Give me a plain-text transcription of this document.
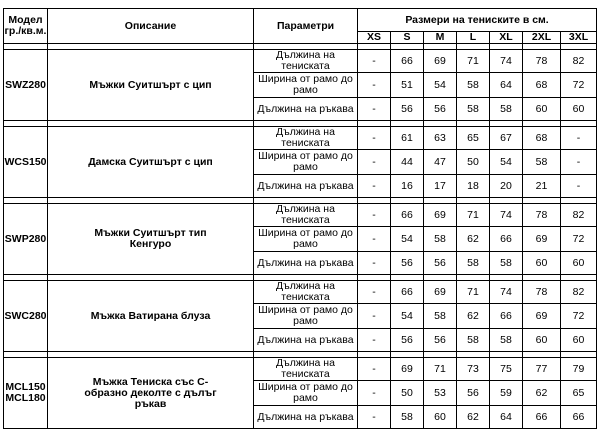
Модел гр./кв.м.	Описание	Параметри	Размери на тениските в см.						
			XS	S	M	L	XL	2XL	3XL

SWZ280	Мъжки Суитшърт с цип	Дължина на тениската	-	66	69	71	74	78	82
		Ширина от рамо до рамо	-	51	54	58	64	68	72
		Дължина на ръкава	-	56	56	58	58	60	60

WCS150	Дамска Суитшърт с цип	Дължина на тениската	-	61	63	65	67	68	-
		Ширина от рамо до рамо	-	44	47	50	54	58	-
		Дължина на ръкава	-	16	17	18	20	21	-

SWP280	Мъжки Суитшърт тип Кенгуро	Дължина на тениската	-	66	69	71	74	78	82
		Ширина от рамо до рамо	-	54	58	62	66	69	72
		Дължина на ръкава	-	56	56	58	58	60	60

SWC280	Мъжка Ватирана блуза	Дължина на тениската	-	66	69	71	74	78	82
		Ширина от рамо до рамо	-	54	58	62	66	69	72
		Дължина на ръкава	-	56	56	58	58	60	60

MCL150 MCL180	Мъжка Тениска със С-образно деколте с дълъг ръкав	Дължина на тениската	-	69	71	73	75	77	79
		Ширина от рамо до рамо	-	50	53	56	59	62	65
		Дължина на ръкава	-	58	60	62	64	66	66
